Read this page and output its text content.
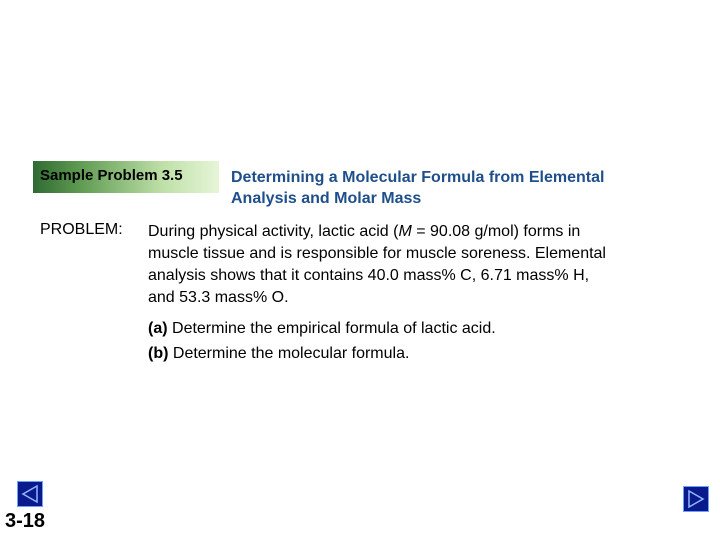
Sample Problem 3.5	Determining a Molecular Formula from Elemental
Analysis and Molar Mass
PROBLEM: During physical activity, lactic acid (M = 90.08 g/mol) forms in
muscle tissue and is responsible for muscle soreness. Elemental
analysis shows that it contains 40.0 mass% C, 6.71 mass% H,
and 53.3 mass% O.
(a) Determine the empirical formula of lactic acid.
(b) Determine the molecular formula.
3-18
